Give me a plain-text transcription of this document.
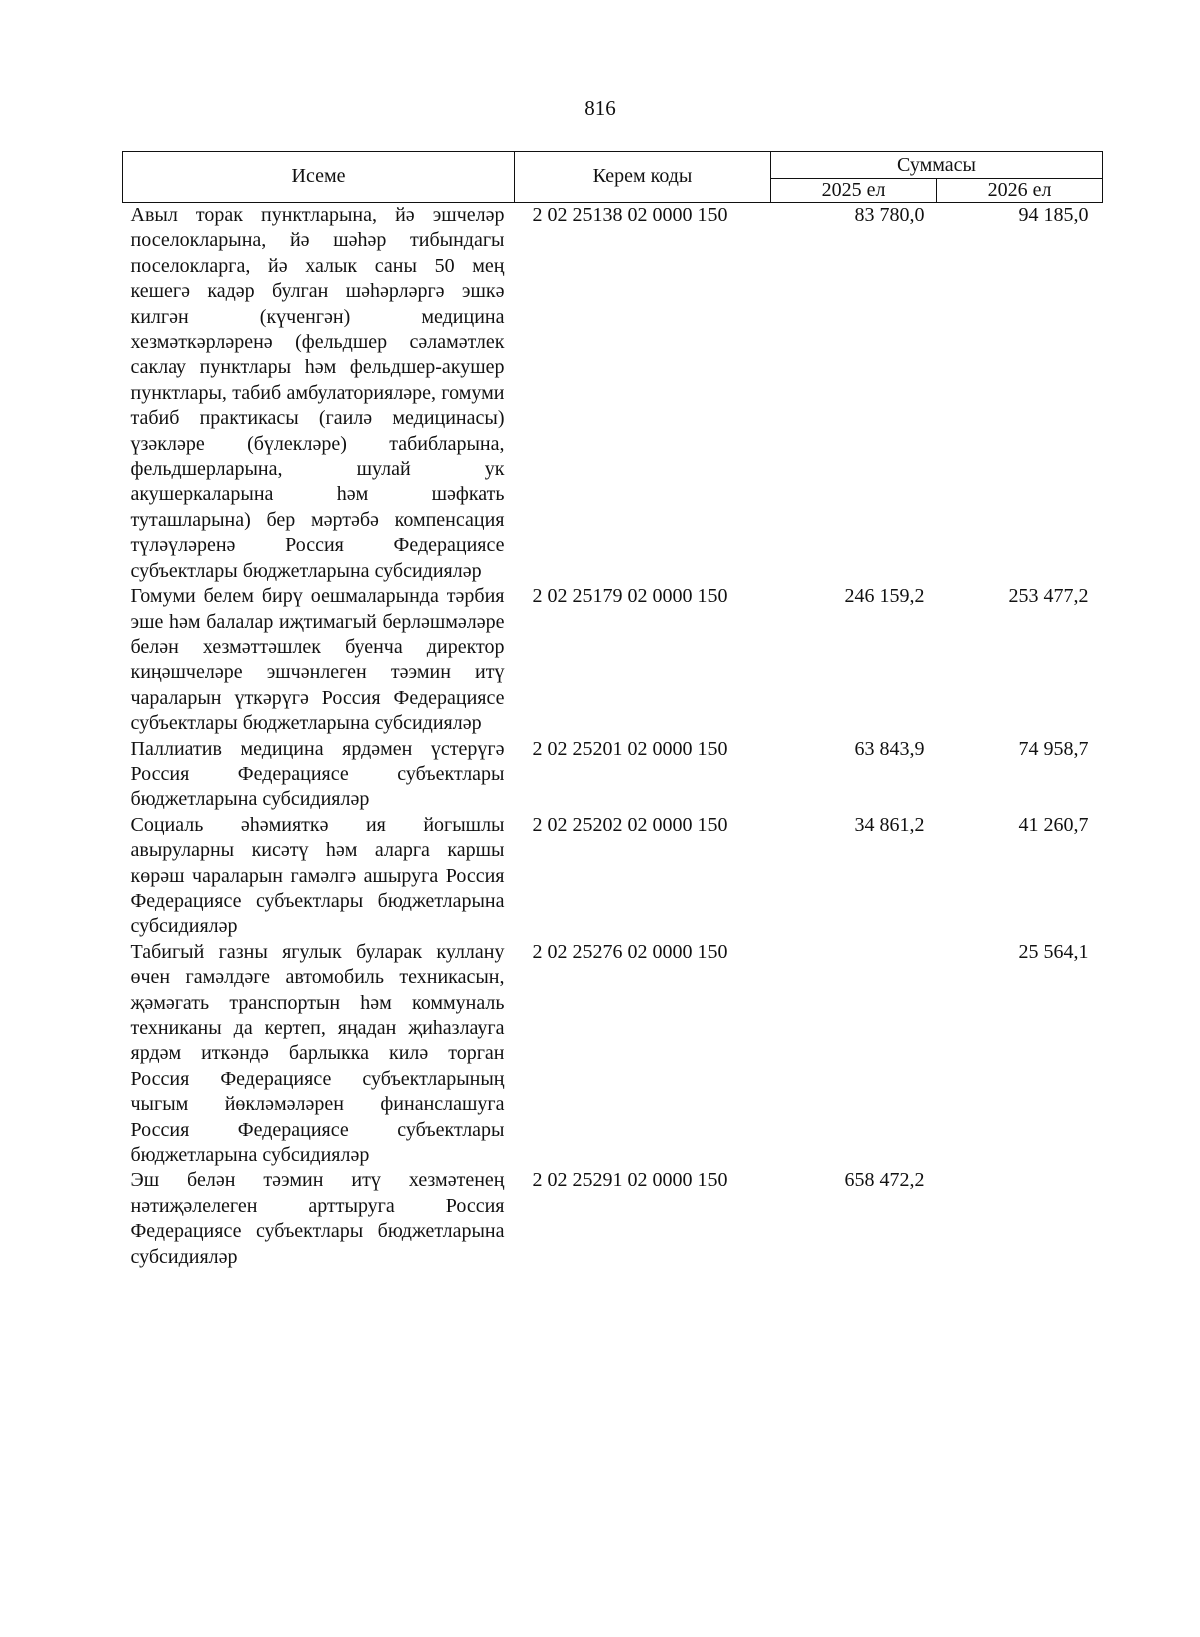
816
Исеме	Керем коды	Суммасы	
		2025 ел	2026 ел
Авыл торак пунктларына, йә эшчеләр поселокларына, йә шәһәр тибындагы поселокларга, йә халык саны 50 мең кешегә кадәр булган шәһәрләргә эшкә килгән (күченгән) медицина хезмәткәрләренә (фельдшер сәламәтлек саклау пунктлары һәм фельдшер-акушер пунктлары, табиб амбулаторияләре, гомуми табиб практикасы (гаилә медицинасы) үзәкләре (бүлекләре) табибларына, фельдшерларына, шулай ук акушеркаларына һәм шәфкать туташларына) бер мәртәбә компенсация түләүләренә Россия Федерациясе субъектлары бюджетларына субсидияләр	2 02 25138 02 0000 150	83 780,0	94 185,0
Гомуми белем бирү оешмаларында тәрбия эше һәм балалар иҗтимагый берләшмәләре белән хезмәттәшлек буенча директор киңәшчеләре эшчәнлеген тәэмин итү чараларын үткәрүгә Россия Федерациясе субъектлары бюджетларына субсидияләр	2 02 25179 02 0000 150	246 159,2	253 477,2
Паллиатив медицина ярдәмен үстерүгә Россия Федерациясе субъектлары бюджетларына субсидияләр	2 02 25201 02 0000 150	63 843,9	74 958,7
Социаль әһәмияткә ия йогышлы авыруларны кисәтү һәм аларга каршы көрәш чараларын гамәлгә ашыруга Россия Федерациясе субъектлары бюджетларына субсидияләр	2 02 25202 02 0000 150	34 861,2	41 260,7
Табигый газны ягулык буларак куллану өчен гамәлдәге автомобиль техникасын, җәмәгать транспортын һәм коммуналь техниканы да кертеп, яңадан җиһазлауга ярдәм иткәндә барлыкка килә торган Россия Федерациясе субъектларының чыгым йөкләмәләрен финанслашуга Россия Федерациясе субъектлары бюджетларына субсидияләр	2 02 25276 02 0000 150		25 564,1
Эш белән тәэмин итү хезмәтенең нәтиҗәлелеген арттыруга Россия Федерациясе субъектлары бюджетларына субсидияләр	2 02 25291 02 0000 150	658 472,2	
